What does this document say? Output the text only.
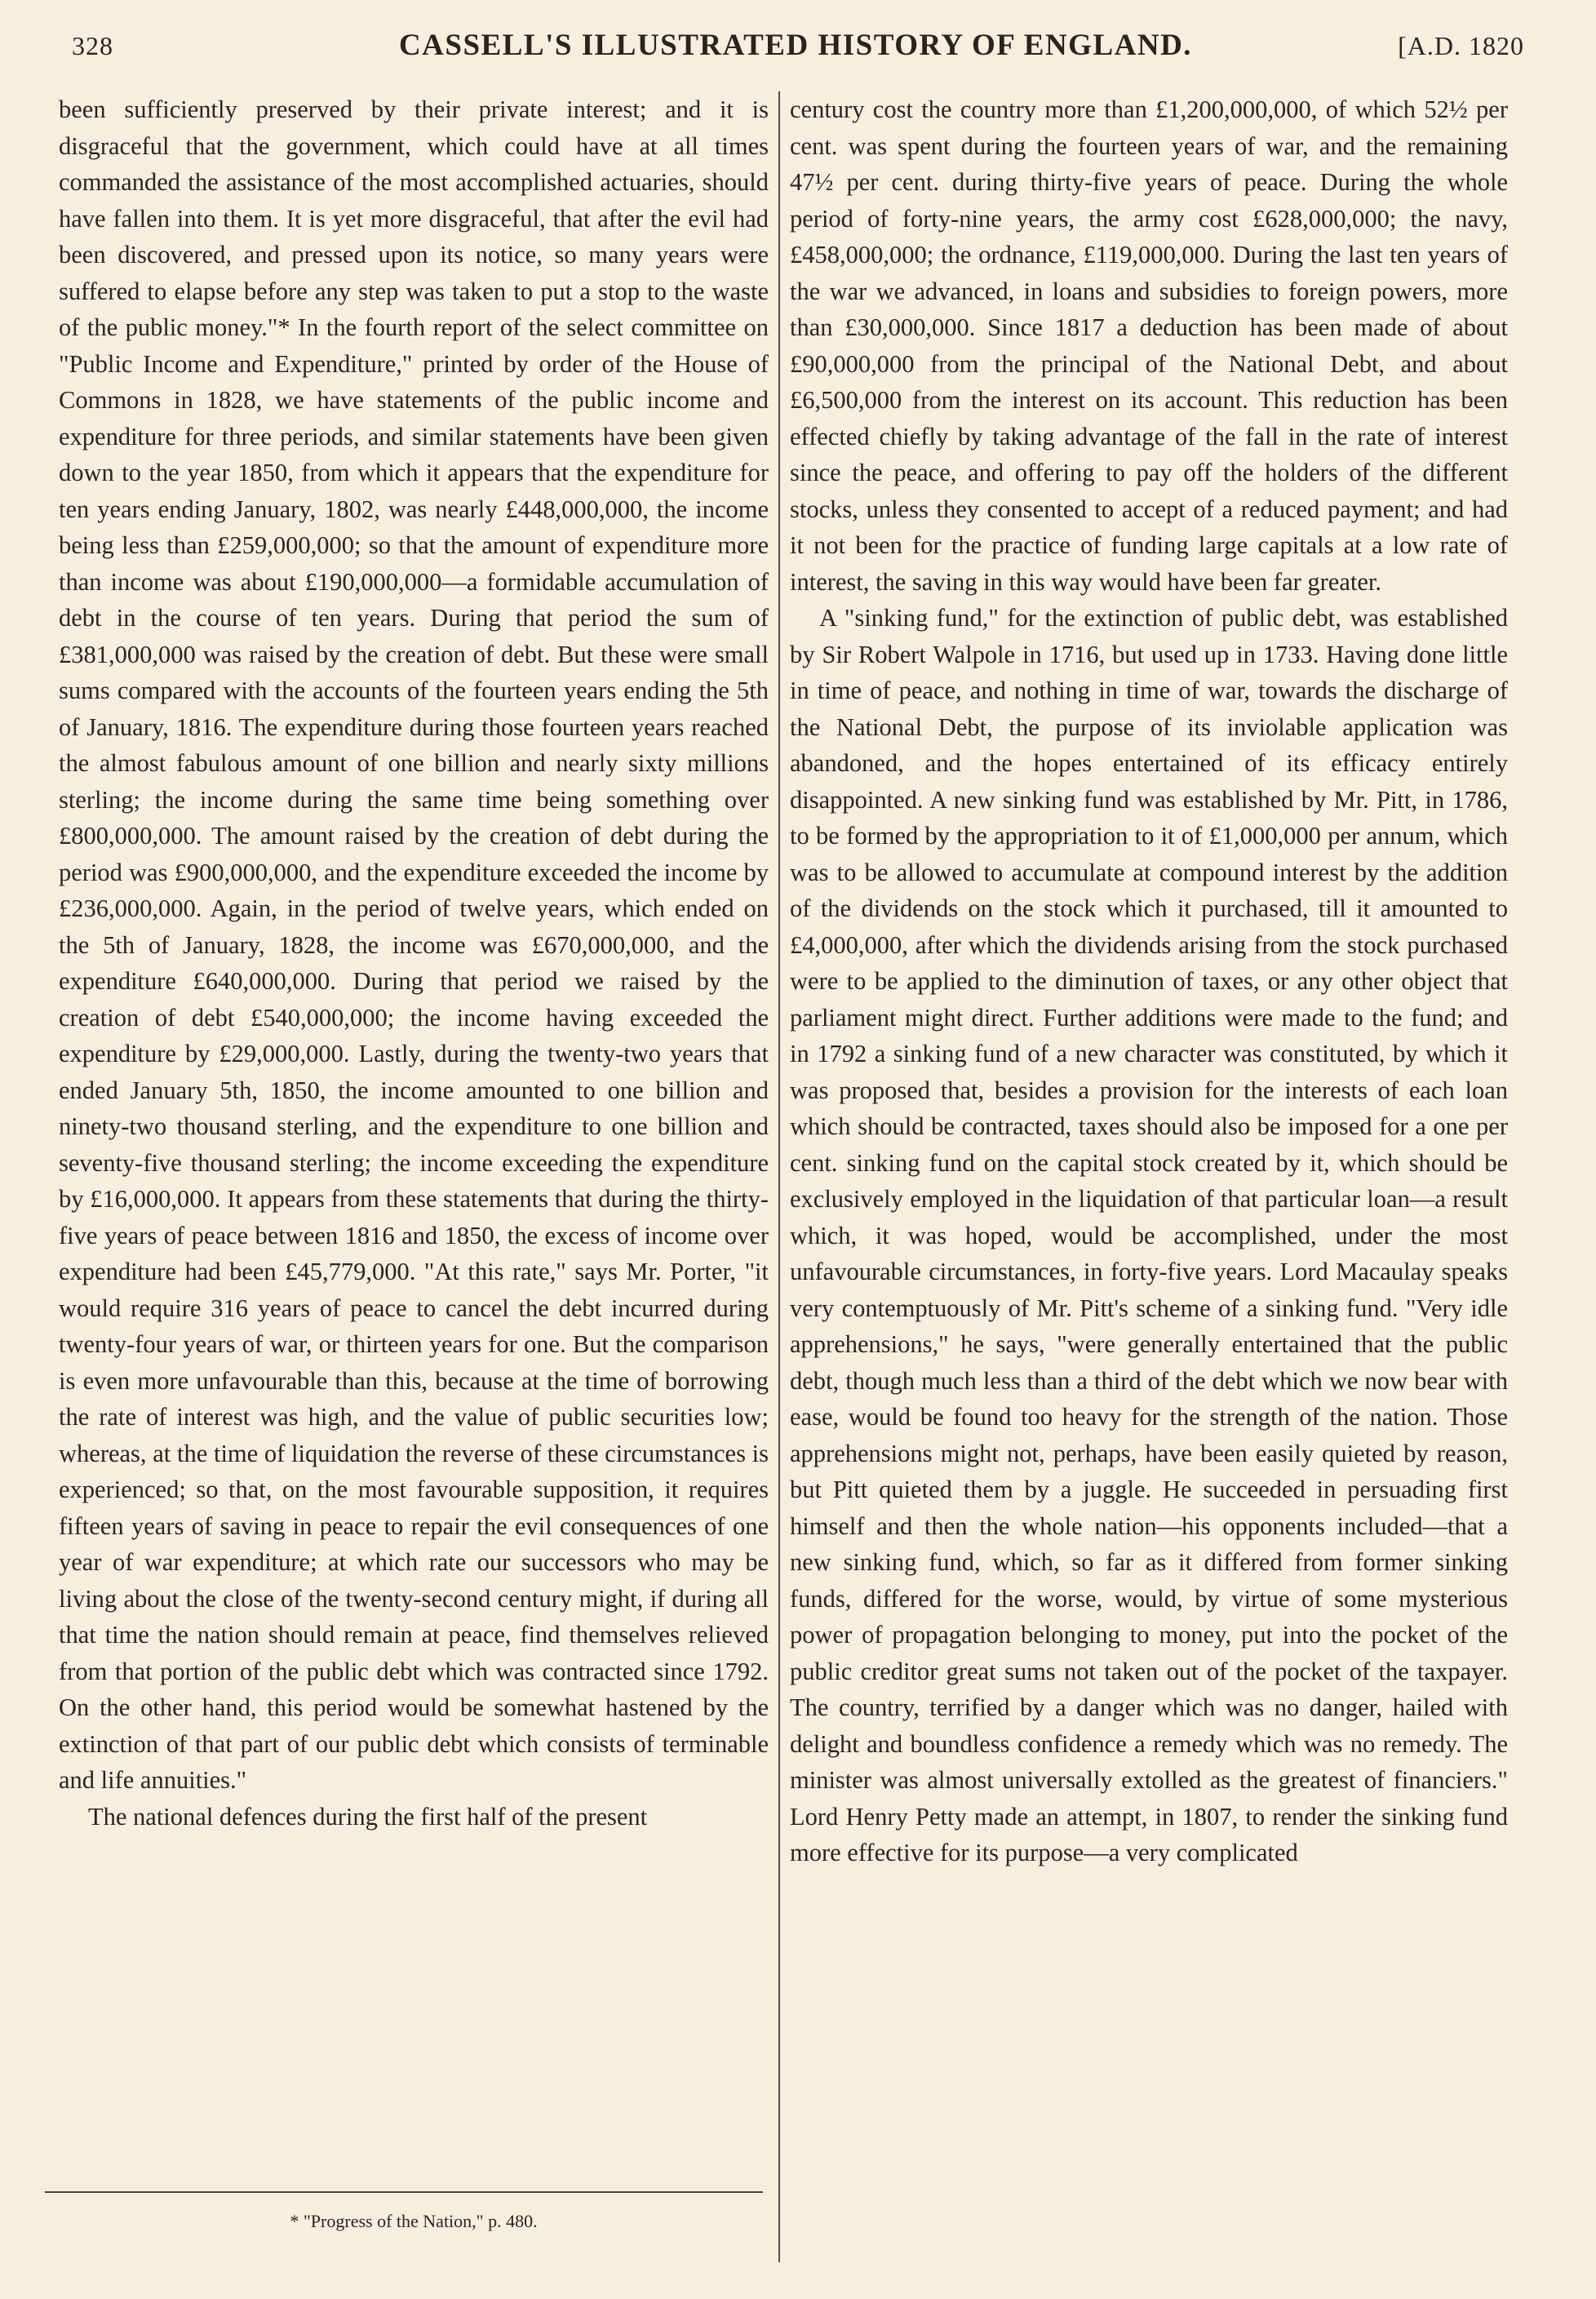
328	CASSELL'S ILLUSTRATED HISTORY OF ENGLAND.	[A.D. 1820

been sufficiently preserved by their private interest; and it is disgraceful that the government, which could have at all times commanded the assistance of the most accomplished actuaries, should have fallen into them. It is yet more disgraceful, that after the evil had been discovered, and pressed upon its notice, so many years were suffered to elapse before any step was taken to put a stop to the waste of the public money."* In the fourth report of the select committee on "Public Income and Expenditure," printed by order of the House of Commons in 1828, we have statements of the public income and expenditure for three periods, and similar statements have been given down to the year 1850, from which it appears that the expenditure for ten years ending January, 1802, was nearly £448,000,000, the income being less than £259,000,000; so that the amount of expenditure more than income was about £190,000,000—a formidable accumulation of debt in the course of ten years. During that period the sum of £381,000,000 was raised by the creation of debt. But these were small sums compared with the accounts of the fourteen years ending the 5th of January, 1816. The expenditure during those fourteen years reached the almost fabulous amount of one billion and nearly sixty millions sterling; the income during the same time being something over £800,000,000. The amount raised by the creation of debt during the period was £900,000,000, and the expenditure exceeded the income by £236,000,000. Again, in the period of twelve years, which ended on the 5th of January, 1828, the income was £670,000,000, and the expenditure £640,000,000. During that period we raised by the creation of debt £540,000,000; the income having exceeded the expenditure by £29,000,000. Lastly, during the twenty-two years that ended January 5th, 1850, the income amounted to one billion and ninety-two thousand sterling, and the expenditure to one billion and seventy-five thousand sterling; the income exceeding the expenditure by £16,000,000. It appears from these statements that during the thirty-five years of peace between 1816 and 1850, the excess of income over expenditure had been £45,779,000. "At this rate," says Mr. Porter, "it would require 316 years of peace to cancel the debt incurred during twenty-four years of war, or thirteen years for one. But the comparison is even more unfavourable than this, because at the time of borrowing the rate of interest was high, and the value of public securities low; whereas, at the time of liquidation the reverse of these circumstances is experienced; so that, on the most favourable supposition, it requires fifteen years of saving in peace to repair the evil consequences of one year of war expenditure; at which rate our successors who may be living about the close of the twenty-second century might, if during all that time the nation should remain at peace, find themselves relieved from that portion of the public debt which was contracted since 1792. On the other hand, this period would be somewhat hastened by the extinction of that part of our public debt which consists of terminable and life annuities."

The national defences during the first half of the present

century cost the country more than £1,200,000,000, of which 52½ per cent. was spent during the fourteen years of war, and the remaining 47½ per cent. during thirty-five years of peace. During the whole period of forty-nine years, the army cost £628,000,000; the navy, £458,000,000; the ordnance, £119,000,000. During the last ten years of the war we advanced, in loans and subsidies to foreign powers, more than £30,000,000. Since 1817 a deduction has been made of about £90,000,000 from the principal of the National Debt, and about £6,500,000 from the interest on its account. This reduction has been effected chiefly by taking advantage of the fall in the rate of interest since the peace, and offering to pay off the holders of the different stocks, unless they consented to accept of a reduced payment; and had it not been for the practice of funding large capitals at a low rate of interest, the saving in this way would have been far greater.

A "sinking fund," for the extinction of public debt, was established by Sir Robert Walpole in 1716, but used up in 1733. Having done little in time of peace, and nothing in time of war, towards the discharge of the National Debt, the purpose of its inviolable application was abandoned, and the hopes entertained of its efficacy entirely disappointed. A new sinking fund was established by Mr. Pitt, in 1786, to be formed by the appropriation to it of £1,000,000 per annum, which was to be allowed to accumulate at compound interest by the addition of the dividends on the stock which it purchased, till it amounted to £4,000,000, after which the dividends arising from the stock purchased were to be applied to the diminution of taxes, or any other object that parliament might direct. Further additions were made to the fund; and in 1792 a sinking fund of a new character was constituted, by which it was proposed that, besides a provision for the interests of each loan which should be contracted, taxes should also be imposed for a one per cent. sinking fund on the capital stock created by it, which should be exclusively employed in the liquidation of that particular loan—a result which, it was hoped, would be accomplished, under the most unfavourable circumstances, in forty-five years. Lord Macaulay speaks very contemptuously of Mr. Pitt's scheme of a sinking fund. "Very idle apprehensions," he says, "were generally entertained that the public debt, though much less than a third of the debt which we now bear with ease, would be found too heavy for the strength of the nation. Those apprehensions might not, perhaps, have been easily quieted by reason, but Pitt quieted them by a juggle. He succeeded in persuading first himself and then the whole nation—his opponents included—that a new sinking fund, which, so far as it differed from former sinking funds, differed for the worse, would, by virtue of some mysterious power of propagation belonging to money, put into the pocket of the public creditor great sums not taken out of the pocket of the taxpayer. The country, terrified by a danger which was no danger, hailed with delight and boundless confidence a remedy which was no remedy. The minister was almost universally extolled as the greatest of financiers." Lord Henry Petty made an attempt, in 1807, to render the sinking fund more effective for its purpose—a very complicated

* "Progress of the Nation," p. 480.
